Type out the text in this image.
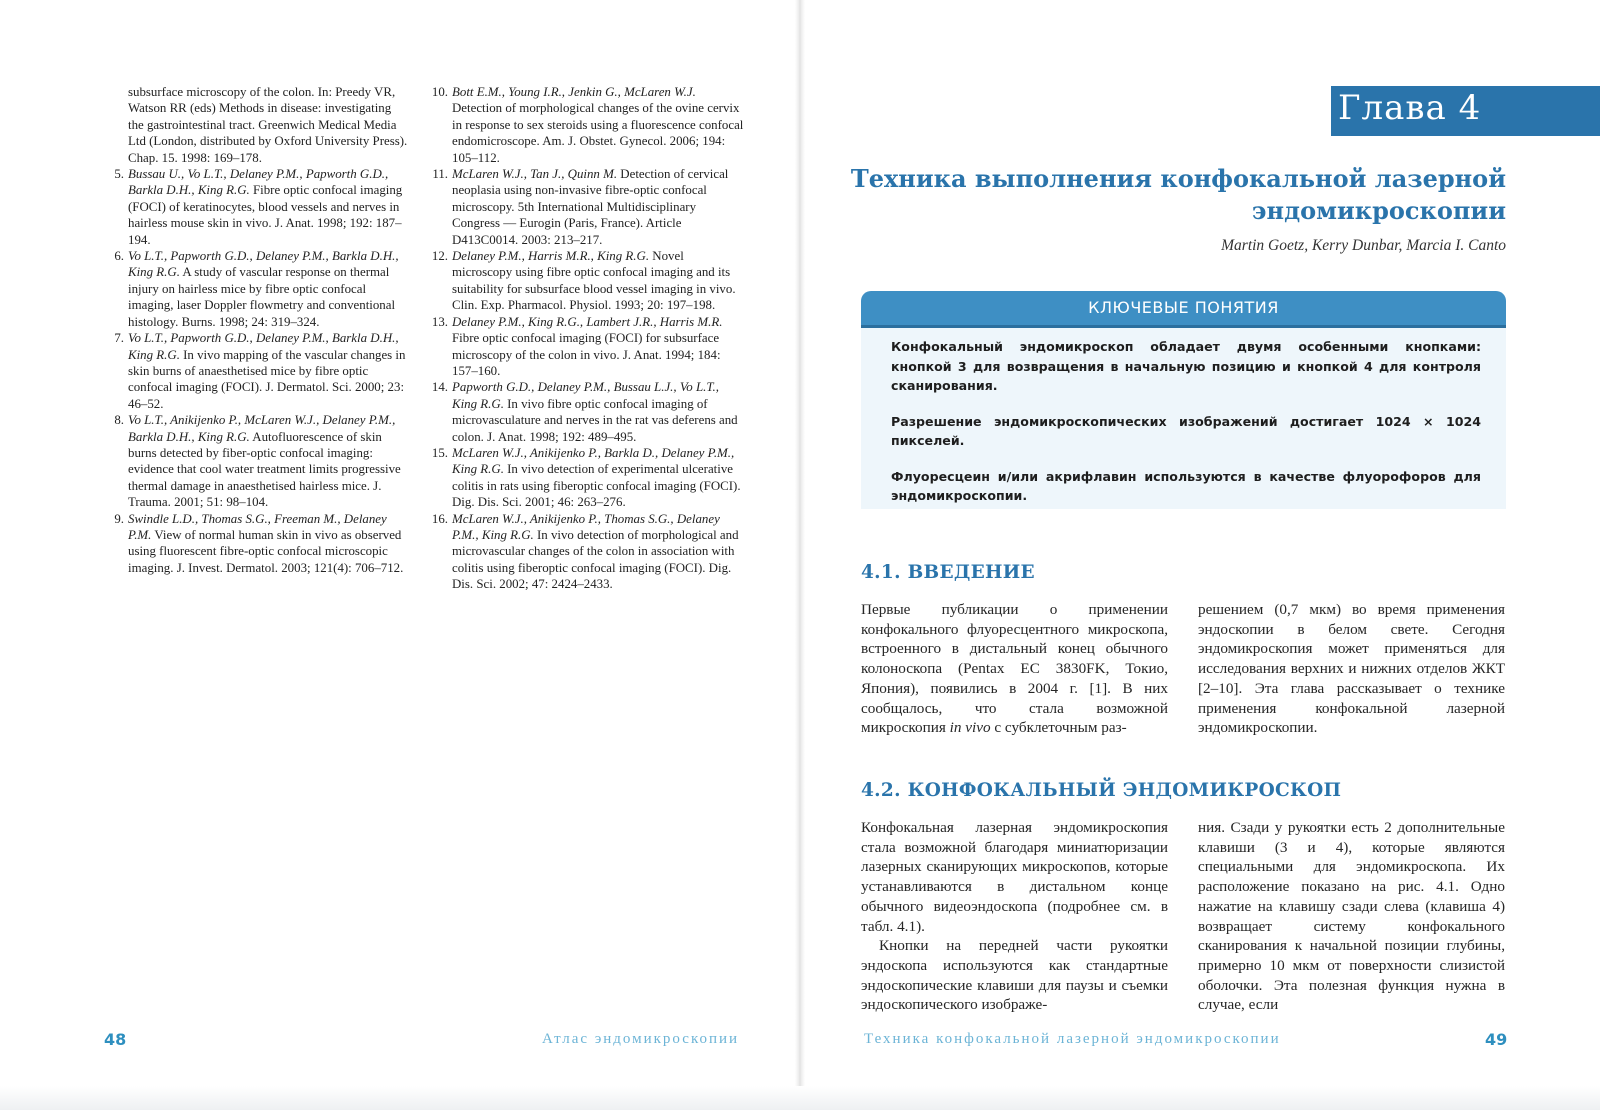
subsurface microscopy of the colon. In: Preedy VR, Watson RR (eds) Methods in disease: investigating the gastrointestinal tract. Greenwich Medical Media Ltd (London, distributed by Oxford University Press). Chap. 15. 1998: 169–178.
5. Bussau U., Vo L.T., Delaney P.M., Papworth G.D., Barkla D.H., King R.G. Fibre optic confocal imaging (FOCI) of keratinocytes, blood vessels and nerves in hairless mouse skin in vivo. J. Anat. 1998; 192: 187–194.
6. Vo L.T., Papworth G.D., Delaney P.M., Barkla D.H., King R.G. A study of vascular response on thermal injury on hairless mice by fibre optic confocal imaging, laser Doppler flowmetry and conventional histology. Burns. 1998; 24: 319–324.
7. Vo L.T., Papworth G.D., Delaney P.M., Barkla D.H., King R.G. In vivo mapping of the vascular changes in skin burns of anaesthetised mice by fibre optic confocal imaging (FOCI). J. Dermatol. Sci. 2000; 23: 46–52.
8. Vo L.T., Anikijenko P., McLaren W.J., Delaney P.M., Barkla D.H., King R.G. Autofluorescence of skin burns detected by fiber-optic confocal imaging: evidence that cool water treatment limits progressive thermal damage in anaesthetised hairless mice. J. Trauma. 2001; 51: 98–104.
9. Swindle L.D., Thomas S.G., Freeman M., Delaney P.M. View of normal human skin in vivo as observed using fluorescent fibre-optic confocal microscopic imaging. J. Invest. Dermatol. 2003; 121(4): 706–712.
10. Bott E.M., Young I.R., Jenkin G., McLaren W.J. Detection of morphological changes of the ovine cervix in response to sex steroids using a fluorescence confocal endomicroscope. Am. J. Obstet. Gynecol. 2006; 194: 105–112.
11. McLaren W.J., Tan J., Quinn M. Detection of cervical neoplasia using non-invasive fibre-optic confocal microscopy. 5th International Multidisciplinary Congress — Eurogin (Paris, France). Article D413C0014. 2003: 213–217.
12. Delaney P.M., Harris M.R., King R.G. Novel microscopy using fibre optic confocal imaging and its suitability for subsurface blood vessel imaging in vivo. Clin. Exp. Pharmacol. Physiol. 1993; 20: 197–198.
13. Delaney P.M., King R.G., Lambert J.R., Harris M.R. Fibre optic confocal imaging (FOCI) for subsurface microscopy of the colon in vivo. J. Anat. 1994; 184: 157–160.
14. Papworth G.D., Delaney P.M., Bussau L.J., Vo L.T., King R.G. In vivo fibre optic confocal imaging of microvasculature and nerves in the rat vas deferens and colon. J. Anat. 1998; 192: 489–495.
15. McLaren W.J., Anikijenko P., Barkla D., Delaney P.M., King R.G. In vivo detection of experimental ulcerative colitis in rats using fiberoptic confocal imaging (FOCI). Dig. Dis. Sci. 2001; 46: 263–276.
16. McLaren W.J., Anikijenko P., Thomas S.G., Delaney P.M., King R.G. In vivo detection of morphological and microvascular changes of the colon in association with colitis using fiberoptic confocal imaging (FOCI). Dig. Dis. Sci. 2002; 47: 2424–2433.
48	Атлас эндомикроскопии
Глава 4
Техника выполнения конфокальной лазерной
эндомикроскопии
Martin Goetz, Kerry Dunbar, Marcia I. Canto
КЛЮЧЕВЫЕ ПОНЯТИЯ

Конфокальный эндомикроскоп обладает двумя особенными кнопками: кнопкой 3 для возвращения в начальную позицию и кнопкой 4 для контроля сканирования.

Разрешение эндомикроскопических изображений достигает 1024 × 1024 пикселей.

Флуоресцеин и/или акрифлавин используются в качестве флуорофоров для эндомикроскопии.

4.1. ВВЕДЕНИЕ

Первые публикации о применении конфокального флуоресцентного микроскопа, встроенного в дистальный конец обычного колоноскопа (Pentax EC 3830FK, Токио, Япония), появились в 2004 г. [1]. В них сообщалось, что стала возможной микроскопия in vivo с субклеточным раз-

решением (0,7 мкм) во время применения эндоскопии в белом свете. Сегодня эндомикроскопия может применяться для исследования верхних и нижних отделов ЖКТ [2–10]. Эта глава рассказывает о технике применения конфокальной лазерной эндомикроскопии.

4.2. КОНФОКАЛЬНЫЙ ЭНДОМИКРОСКОП

Конфокальная лазерная эндомикроскопия стала возможной благодаря миниатюризации лазерных сканирующих микроскопов, которые устанавливаются в дистальном конце обычного видеоэндоскопа (подробнее см. в табл. 4.1).

Кнопки на передней части рукоятки эндоскопа используются как стандартные эндоскопические клавиши для паузы и съемки эндоскопического изображе-

ния. Сзади у рукоятки есть 2 дополнительные клавиши (3 и 4), которые являются специальными для эндомикроскопа. Их расположение показано на рис. 4.1. Одно нажатие на клавишу сзади слева (клавиша 4) возвращает систему конфокального сканирования к начальной позиции глубины, примерно 10 мкм от поверхности слизистой оболочки. Эта полезная функция нужна в случае, если

Техника конфокальной лазерной эндомикроскопии	49
